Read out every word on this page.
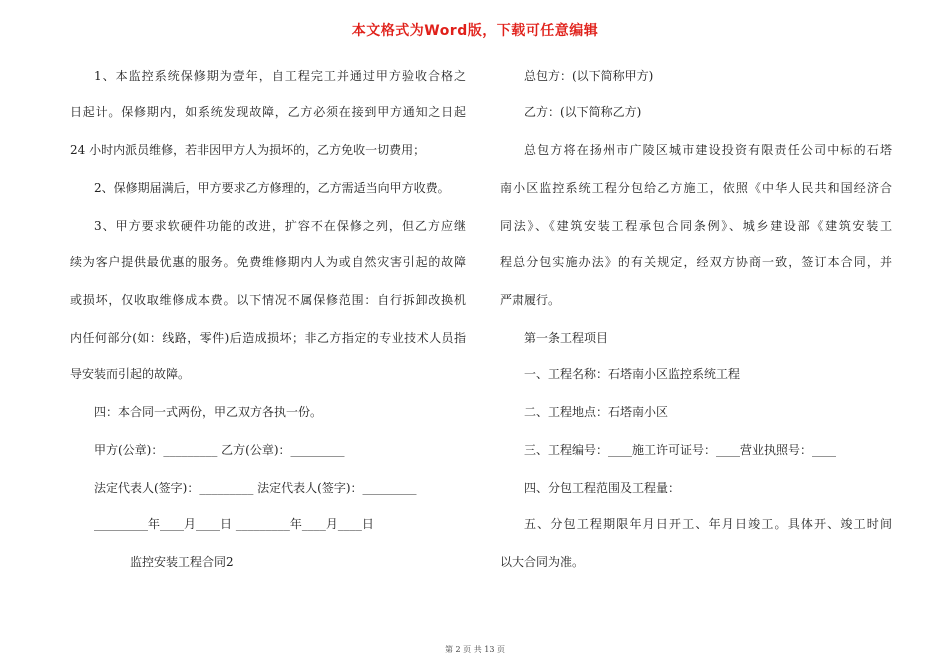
本文格式为Word版，下载可任意编辑
1、本监控系统保修期为壹年，自工程完工并通过甲方验收合格之
日起计。保修期内，如系统发现故障，乙方必须在接到甲方通知之日起
24 小时内派员维修，若非因甲方人为损坏的，乙方免收一切费用；
2、保修期届满后，甲方要求乙方修理的，乙方需适当向甲方收费。
3、甲方要求软硬件功能的改进，扩容不在保修之列，但乙方应继
续为客户提供最优惠的服务。免费维修期内人为或自然灾害引起的故障
或损坏，仅收取维修成本费。以下情况不属保修范围：自行拆卸改换机
内任何部分(如：线路，零件)后造成损坏；非乙方指定的专业技术人员指
导安装而引起的故障。
四：本合同一式两份，甲乙双方各执一份。
甲方(公章)：_________ 乙方(公章)：_________
法定代表人(签字)：_________ 法定代表人(签字)：_________
_________年____月____日 _________年____月____日
监控安装工程合同2
总包方：(以下简称甲方)
乙方：(以下简称乙方)
总包方将在扬州市广陵区城市建设投资有限责任公司中标的石塔
南小区监控系统工程分包给乙方施工，依照《中华人民共和国经济合
同法》、《建筑安装工程承包合同条例》、城乡建设部《建筑安装工
程总分包实施办法》的有关规定，经双方协商一致，签订本合同，并
严肃履行。
第一条工程项目
一、工程名称：石塔南小区监控系统工程
二、工程地点：石塔南小区
三、工程编号：____施工许可证号：____营业执照号：____
四、分包工程范围及工程量：
五、分包工程期限年月日开工、年月日竣工。具体开、竣工时间
以大合同为准。
第 2 页 共 13 页
